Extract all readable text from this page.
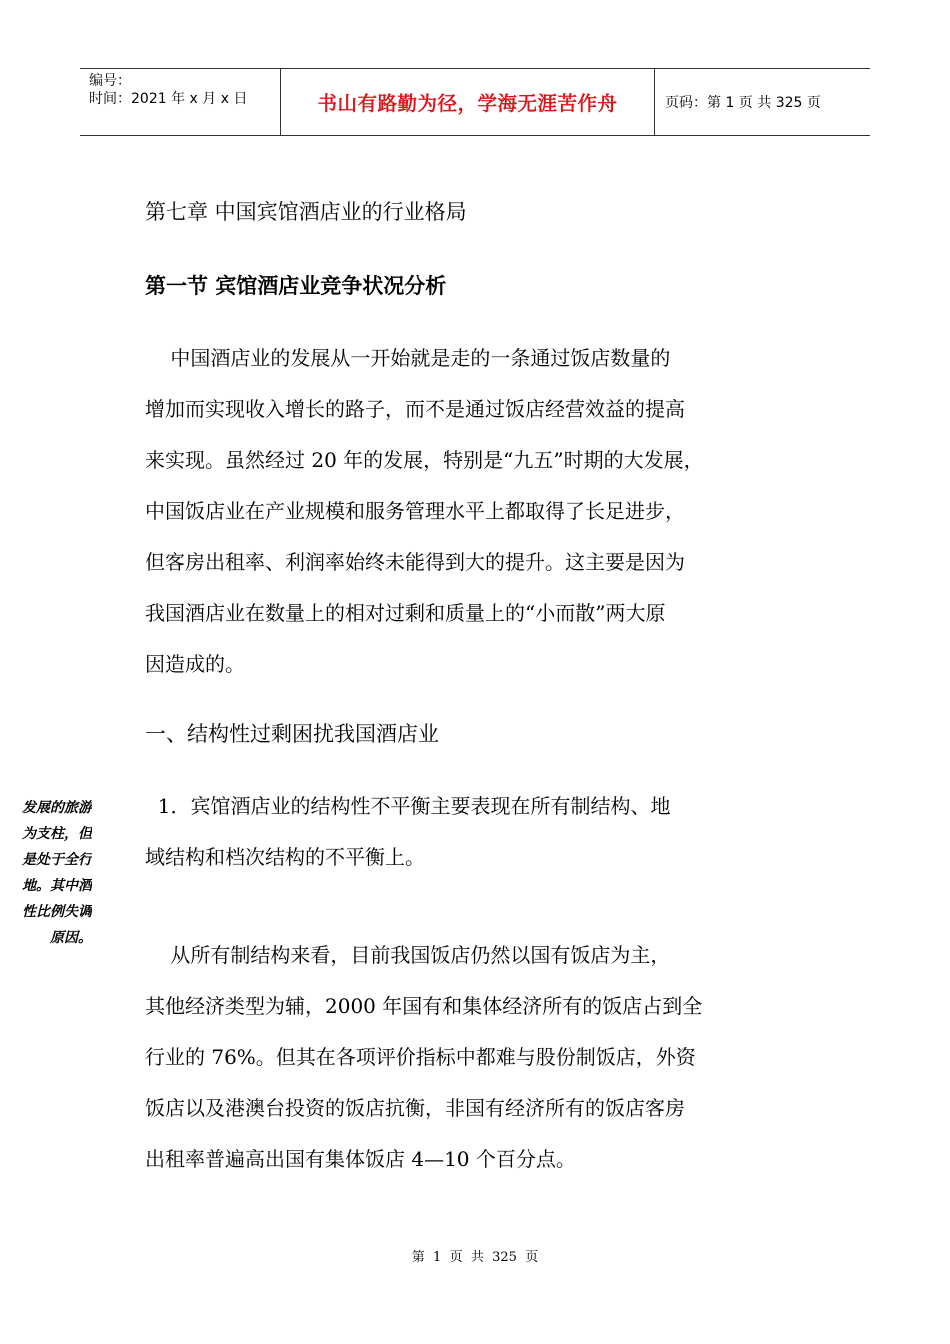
编号：
时间：2021 年 x 月 x 日	书山有路勤为径，学海无涯苦作舟	页码：第 1 页 共 325 页
第七章 中国宾馆酒店业的行业格局
第一节 宾馆酒店业竞争状况分析
中国酒店业的发展从一开始就是走的一条通过饭店数量的
增加而实现收入增长的路子，而不是通过饭店经营效益的提高
来实现。虽然经过 20 年的发展，特别是“九五”时期的大发展，
中国饭店业在产业规模和服务管理水平上都取得了长足进步，
但客房出租率、利润率始终未能得到大的提升。这主要是因为
我国酒店业在数量上的相对过剩和质量上的“小而散”两大原
因造成的。
一、结构性过剩困扰我国酒店业
发展的旅游
为支柱，但
是处于全行
地。其中酒
性比例失调
原因。
1．宾馆酒店业的结构性不平衡主要表现在所有制结构、地
域结构和档次结构的不平衡上。
从所有制结构来看，目前我国饭店仍然以国有饭店为主，
其他经济类型为辅，2000 年国有和集体经济所有的饭店占到全
行业的 76%。但其在各项评价指标中都难与股份制饭店，外资
饭店以及港澳台投资的饭店抗衡，非国有经济所有的饭店客房
出租率普遍高出国有集体饭店 4—10 个百分点。
第  1  页  共  325  页
